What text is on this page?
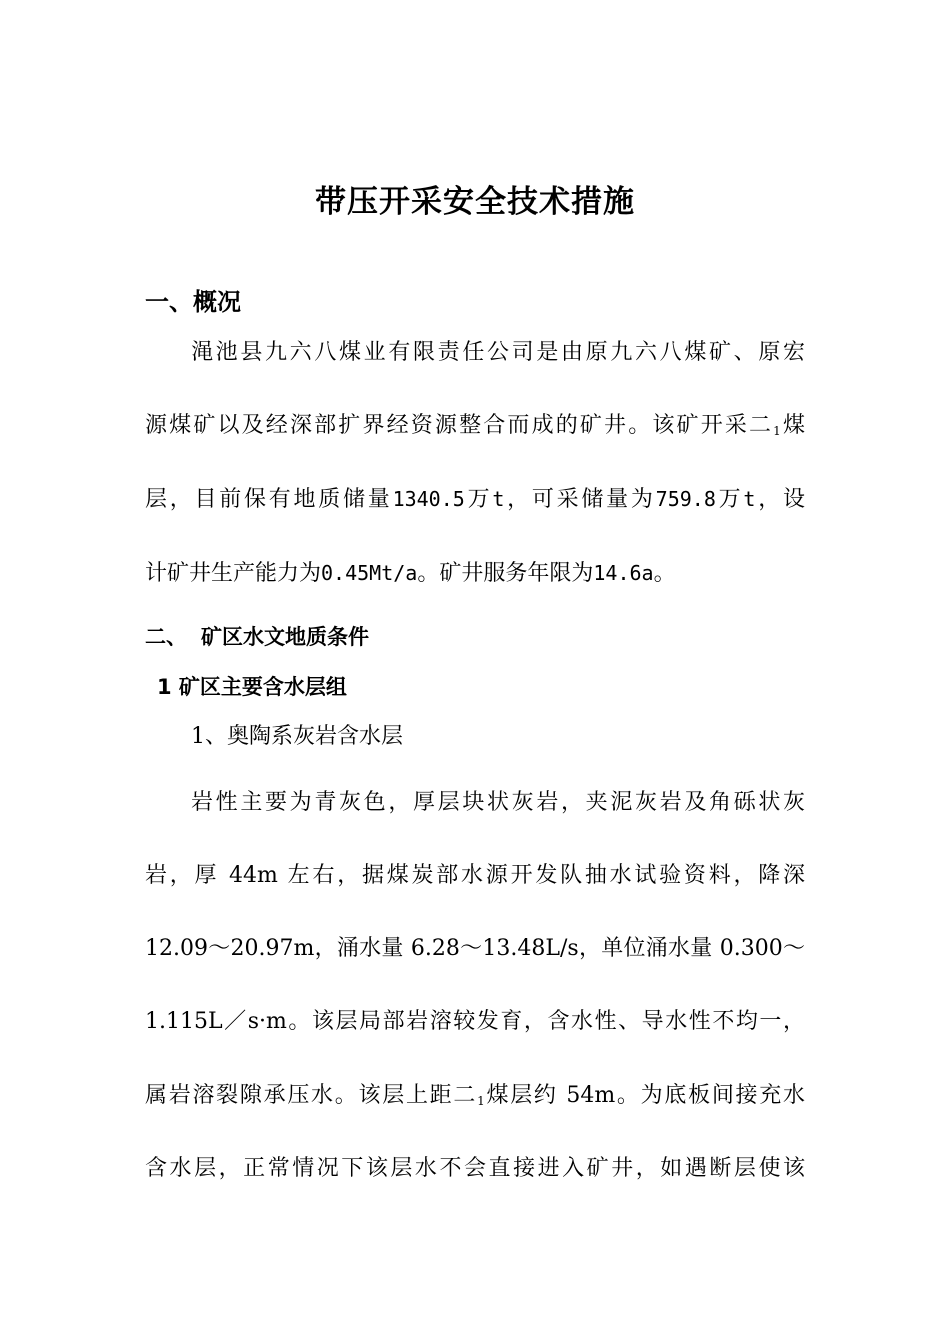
带压开采安全技术措施
一、概况
渑池县九六八煤业有限责任公司是由原九六八煤矿、原宏
源煤矿以及经深部扩界经资源整合而成的矿井。该矿开采二$_1$煤
层，目前保有地质储量1340.5万t，可采储量为759.8万t，设
计矿井生产能力为0.45Mt/a。矿井服务年限为14.6a。
二、 矿区水文地质条件
1 矿区主要含水层组
1、奥陶系灰岩含水层
岩性主要为青灰色，厚层块状灰岩，夹泥灰岩及角砾状灰
岩，厚 44m 左右，据煤炭部水源开发队抽水试验资料，降深
12.09～20.97m，涌水量 6.28～13.48L/s，单位涌水量 0.300～
1.115L／s·m。该层局部岩溶较发育，含水性、导水性不均一，
属岩溶裂隙承压水。该层上距二$_1$煤层约 54m。为底板间接充水
含水层，正常情况下该层水不会直接进入矿井，如遇断层使该
